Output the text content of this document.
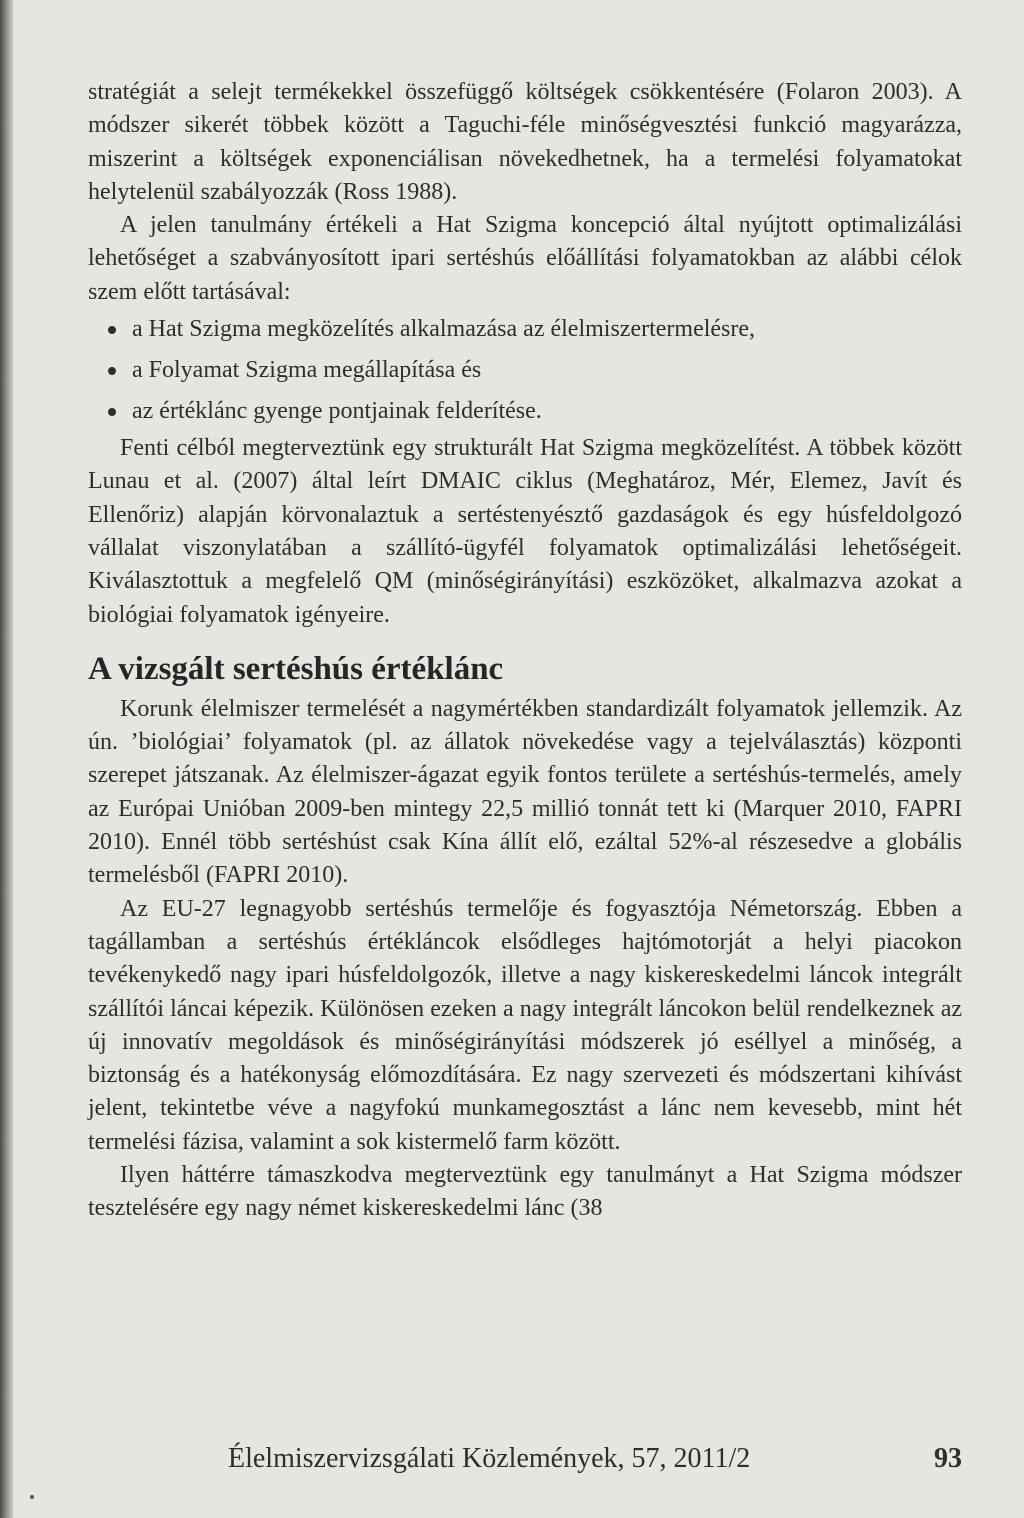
stratégiát a selejt termékekkel összefüggő költségek csökkentésére (Folaron 2003). A módszer sikerét többek között a Taguchi-féle minőségvesztési funkció magyarázza, miszerint a költségek exponenciálisan növekedhetnek, ha a termelési folyamatokat helytelenül szabályozzák (Ross 1988).

A jelen tanulmány értékeli a Hat Szigma koncepció által nyújtott optimalizálási lehetőséget a szabványosított ipari sertéshús előállítási folyamatokban az alábbi célok szem előtt tartásával:

a Hat Szigma megközelítés alkalmazása az élelmiszertermelésre,
a Folyamat Szigma megállapítása és
az értéklánc gyenge pontjainak felderítése.

Fenti célból megterveztünk egy strukturált Hat Szigma megközelítést. A többek között Lunau et al. (2007) által leírt DMAIC ciklus (Meghatároz, Mér, Elemez, Javít és Ellenőriz) alapján körvonalaztuk a sertéstenyésztő gazdaságok és egy húsfeldolgozó vállalat viszonylatában a szállító-ügyfél folyamatok optimalizálási lehetőségeit. Kiválasztottuk a megfelelő QM (minőségirányítási) eszközöket, alkalmazva azokat a biológiai folyamatok igényeire.

A vizsgált sertéshús értéklánc

Korunk élelmiszer termelését a nagymértékben standardizált folyamatok jellemzik. Az ún. ’biológiai’ folyamatok (pl. az állatok növekedése vagy a tejelválasztás) központi szerepet játszanak. Az élelmiszer-ágazat egyik fontos területe a sertéshús-termelés, amely az Európai Unióban 2009-ben mintegy 22,5 millió tonnát tett ki (Marquer 2010, FAPRI 2010). Ennél több sertéshúst csak Kína állít elő, ezáltal 52%-al részesedve a globális termelésből (FAPRI 2010).

Az EU-27 legnagyobb sertéshús termelője és fogyasztója Németország. Ebben a tagállamban a sertéshús értékláncok elsődleges hajtómotorját a helyi piacokon tevékenykedő nagy ipari húsfeldolgozók, illetve a nagy kiskereskedelmi láncok integrált szállítói láncai képezik. Különösen ezeken a nagy integrált láncokon belül rendelkeznek az új innovatív megoldások és minőségirányítási módszerek jó eséllyel a minőség, a biztonság és a hatékonyság előmozdítására. Ez nagy szervezeti és módszertani kihívást jelent, tekintetbe véve a nagyfokú munkamegosztást a lánc nem kevesebb, mint hét termelési fázisa, valamint a sok kistermelő farm között.

Ilyen háttérre támaszkodva megterveztünk egy tanulmányt a Hat Szigma módszer tesztelésére egy nagy német kiskereskedelmi lánc (38

Élelmiszervizsgálati Közlemények, 57, 2011/2	93
